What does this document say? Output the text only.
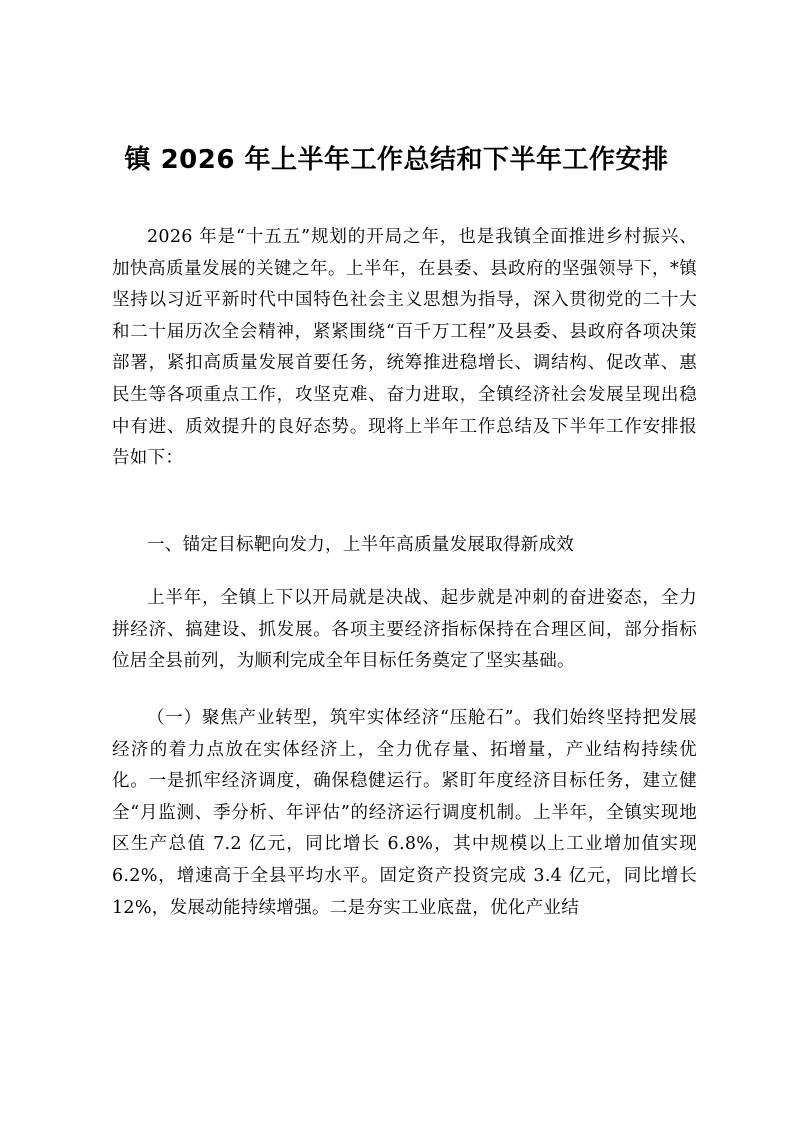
镇 2026 年上半年工作总结和下半年工作安排

2026 年是“十五五”规划的开局之年，也是我镇全面推进乡村振兴、加快高质量发展的关键之年。上半年，在县委、县政府的坚强领导下，*镇坚持以习近平新时代中国特色社会主义思想为指导，深入贯彻党的二十大和二十届历次全会精神，紧紧围绕“百千万工程”及县委、县政府各项决策部署，紧扣高质量发展首要任务，统筹推进稳增长、调结构、促改革、惠民生等各项重点工作，攻坚克难、奋力进取，全镇经济社会发展呈现出稳中有进、质效提升的良好态势。现将上半年工作总结及下半年工作安排报告如下：

一、锚定目标靶向发力，上半年高质量发展取得新成效

上半年，全镇上下以开局就是决战、起步就是冲刺的奋进姿态，全力拼经济、搞建设、抓发展。各项主要经济指标保持在合理区间，部分指标位居全县前列，为顺利完成全年目标任务奠定了坚实基础。

（一）聚焦产业转型，筑牢实体经济“压舱石”。我们始终坚持把发展经济的着力点放在实体经济上，全力优存量、拓增量，产业结构持续优化。一是抓牢经济调度，确保稳健运行。紧盯年度经济目标任务，建立健全“月监测、季分析、年评估”的经济运行调度机制。上半年，全镇实现地区生产总值 7.2 亿元，同比增长 6.8%，其中规模以上工业增加值实现 6.2%，增速高于全县平均水平。固定资产投资完成 3.4 亿元，同比增长 12%，发展动能持续增强。二是夯实工业底盘，优化产业结
